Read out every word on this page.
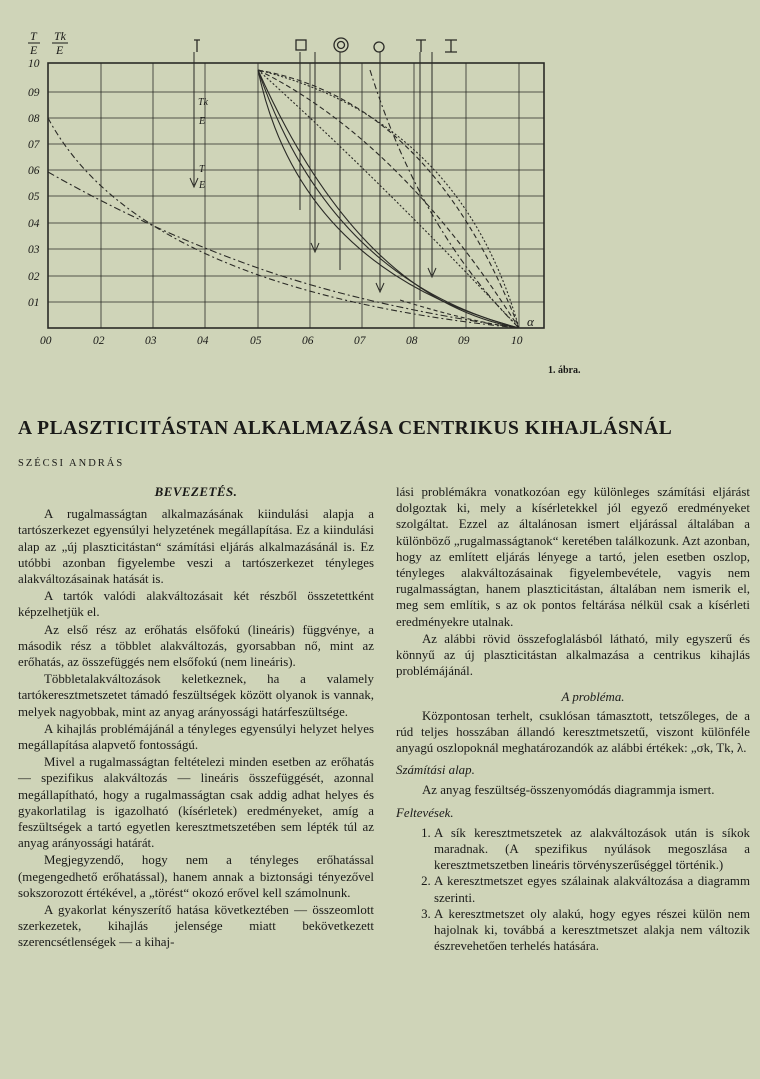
T
E
Tk
E
Tk
E
T
E
10
09
08
07
06
05
04
03
02
01
00	02	03	04	05	06	07	08	09	10
α
1. ábra.
A PLASZTICITÁSTAN ALKALMAZÁSA CENTRIKUS KIHAJLÁSNÁL
SZÉCSI ANDRÁS

BEVEZETÉS.

A rugalmasságtan alkalmazásának kiindulási alapja a tartószerkezet egyensúlyi helyzetének megállapítása. Ez a kiindulási alap az „új plaszticitástan“ számítási eljárás alkalmazásánál is. Ez utóbbi azonban figyelembe veszi a tartószerkezet tényleges alakváltozásainak hatását is.

A tartók valódi alakváltozásait két részből összetettként képzelhetjük el.

Az első rész az erőhatás elsőfokú (lineáris) függvénye, a második rész a többlet alakváltozás, gyorsabban nő, mint az erőhatás, az összefüggés nem elsőfokú (nem lineáris).

Többletalakváltozások keletkeznek, ha a valamely tartókeresztmetszetet támadó feszültségek között olyanok is vannak, melyek nagyobbak, mint az anyag arányossági határfeszültsége.

A kihajlás problémájánál a tényleges egyensúlyi helyzet helyes megállapítása alapvető fontosságú.

Mivel a rugalmasságtan feltételezi minden esetben az erőhatás — spezifikus alakváltozás — lineáris összefüggését, azonnal megállapítható, hogy a rugalmasságtan csak addig adhat helyes és gyakorlatilag is igazolható (kísérletek) eredményeket, amíg a feszültségek a tartó egyetlen keresztmetszetében sem lépték túl az anyag arányossági határát.

Megjegyzendő, hogy nem a tényleges erőhatással (megengedhető erőhatással), hanem annak a biztonsági tényezővel sokszorozott értékével, a „törést“ okozó erővel kell számolnunk.

A gyakorlat kényszerítő hatása következtében — összeomlott szerkezetek, kihajlás jelensége miatt bekövetkezett szerencsétlenségek — a kihaj-

lási problémákra vonatkozóan egy különleges számítási eljárást dolgoztak ki, mely a kísérletekkel jól egyező eredményeket szolgáltat. Ezzel az általánosan ismert eljárással általában a különböző „rugalmasságtanok“ keretében találkozunk. Azt azonban, hogy az említett eljárás lényege a tartó, jelen esetben oszlop, tényleges alakváltozásainak figyelembevétele, vagyis nem rugalmasságtan, hanem plaszticitástan, általában nem ismerik el, meg sem említik, s az ok pontos feltárása nélkül csak a kísérleti eredményekre utalnak.

Az alábbi rövid összefoglalásból látható, mily egyszerű és könnyű az új plaszticitástan alkalmazása a centrikus kihajlás problémájánál.

A probléma.

Központosan terhelt, csuklósan támasztott, tetszőleges, de a rúd teljes hosszában állandó keresztmetszetű, viszont különféle anyagú oszlopoknál meghatározandók az alábbi értékek: „σk, Tk, λ.

Számítási alap.

Az anyag feszültség-összenyomódás diagrammja ismert.

Feltevések.

1. A sík keresztmetszetek az alakváltozások után is síkok maradnak. (A spezifikus nyúlások megoszlása a keresztmetszetben lineáris törvényszerűséggel történik.)
2. A keresztmetszet egyes szálainak alakváltozása a diagramm szerinti.
3. A keresztmetszet oly alakú, hogy egyes részei külön nem hajolnak ki, továbbá a keresztmetszet alakja nem változik észrevehetően terhelés hatására.
